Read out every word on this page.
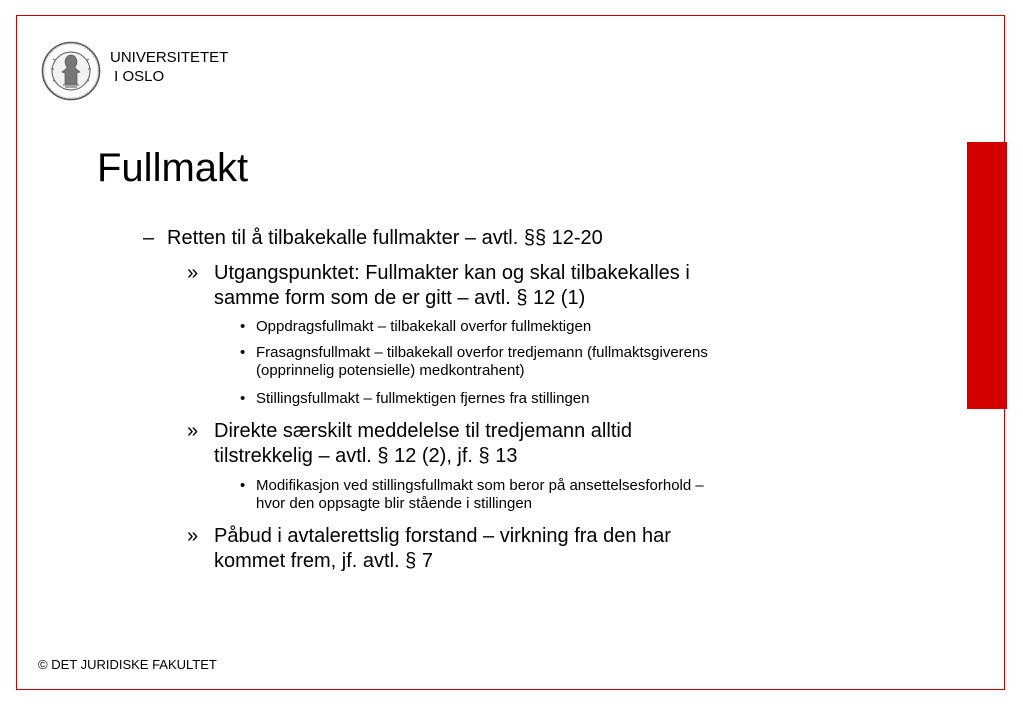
UNIVERSITETET
I OSLO
Fullmakt
– Retten til å tilbakekalle fullmakter – avtl. §§ 12-20
» Utgangspunktet: Fullmakter kan og skal tilbakekalles i
samme form som de er gitt – avtl. § 12 (1)
• Oppdragsfullmakt – tilbakekall overfor fullmektigen
• Frasagnsfullmakt – tilbakekall overfor tredjemann (fullmaktsgiverens
(opprinnelig potensielle) medkontrahent)
• Stillingsfullmakt – fullmektigen fjernes fra stillingen
» Direkte særskilt meddelelse til tredjemann alltid
tilstrekkelig – avtl. § 12 (2), jf. § 13
• Modifikasjon ved stillingsfullmakt som beror på ansettelsesforhold –
hvor den oppsagte blir stående i stillingen
» Påbud i avtalerettslig forstand – virkning fra den har
kommet frem, jf. avtl. § 7
© DET JURIDISKE FAKULTET
